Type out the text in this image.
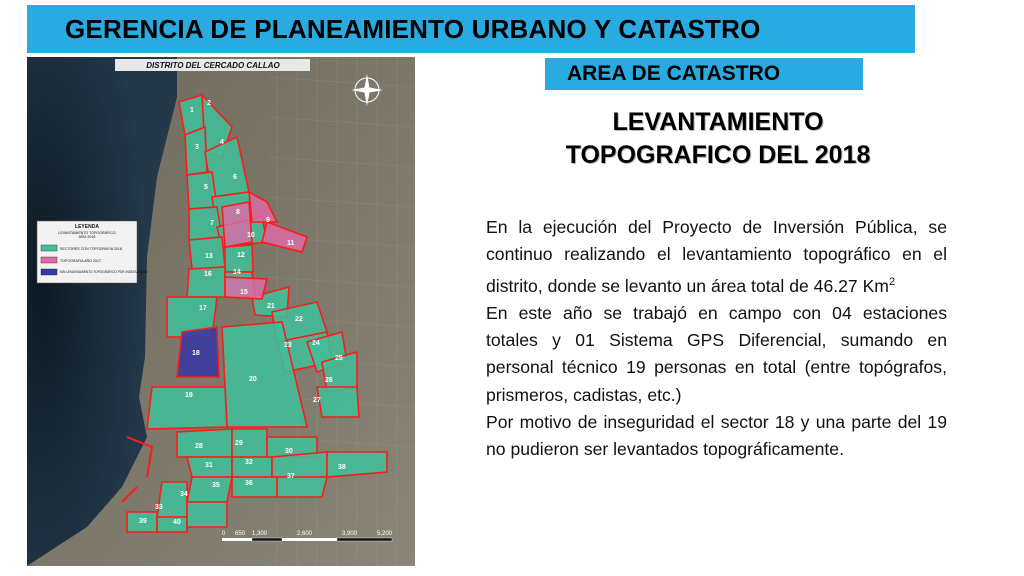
GERENCIA DE PLANEAMIENTO URBANO Y CATASTRO
AREA DE CATASTRO
LEVANTAMIENTO
TOPOGRAFICO DEL 2018

En la ejecución del Proyecto de Inversión Pública, se continuo realizando el levantamiento topográfico en el distrito, donde se levanto un área total de 46.27 Km$^2$

En este año se trabajó en campo con 04 estaciones totales y 01 Sistema GPS Diferencial, sumando en personal técnico 19 personas en total (entre topógrafos, prismeros, cadistas, etc.)

Por motivo de inseguridad el sector 18 y una parte del 19 no pudieron ser levantados topográficamente.

1
2
3
4
5
6
7
8
9
10
11
12
13
14
15
16
17
18
19
20
21
22
23	24
25
26
27
28	29
30
31	32
33
34
35	36
37
38
39	40
DISTRITO DEL CERCADO CALLAO
LEYENDA
LEVANTAMIENTO TOPOGRÁFICO
AÑO 2018
SECTORES CON TOPOGRAFIA 2018
TOPOGRAFIA AÑO 2017
SIN LEVANTAMIENTO TOPOGRÁFICO POR INSEGURIDAD
0 650 1,300	2,600	3,900	5,200
